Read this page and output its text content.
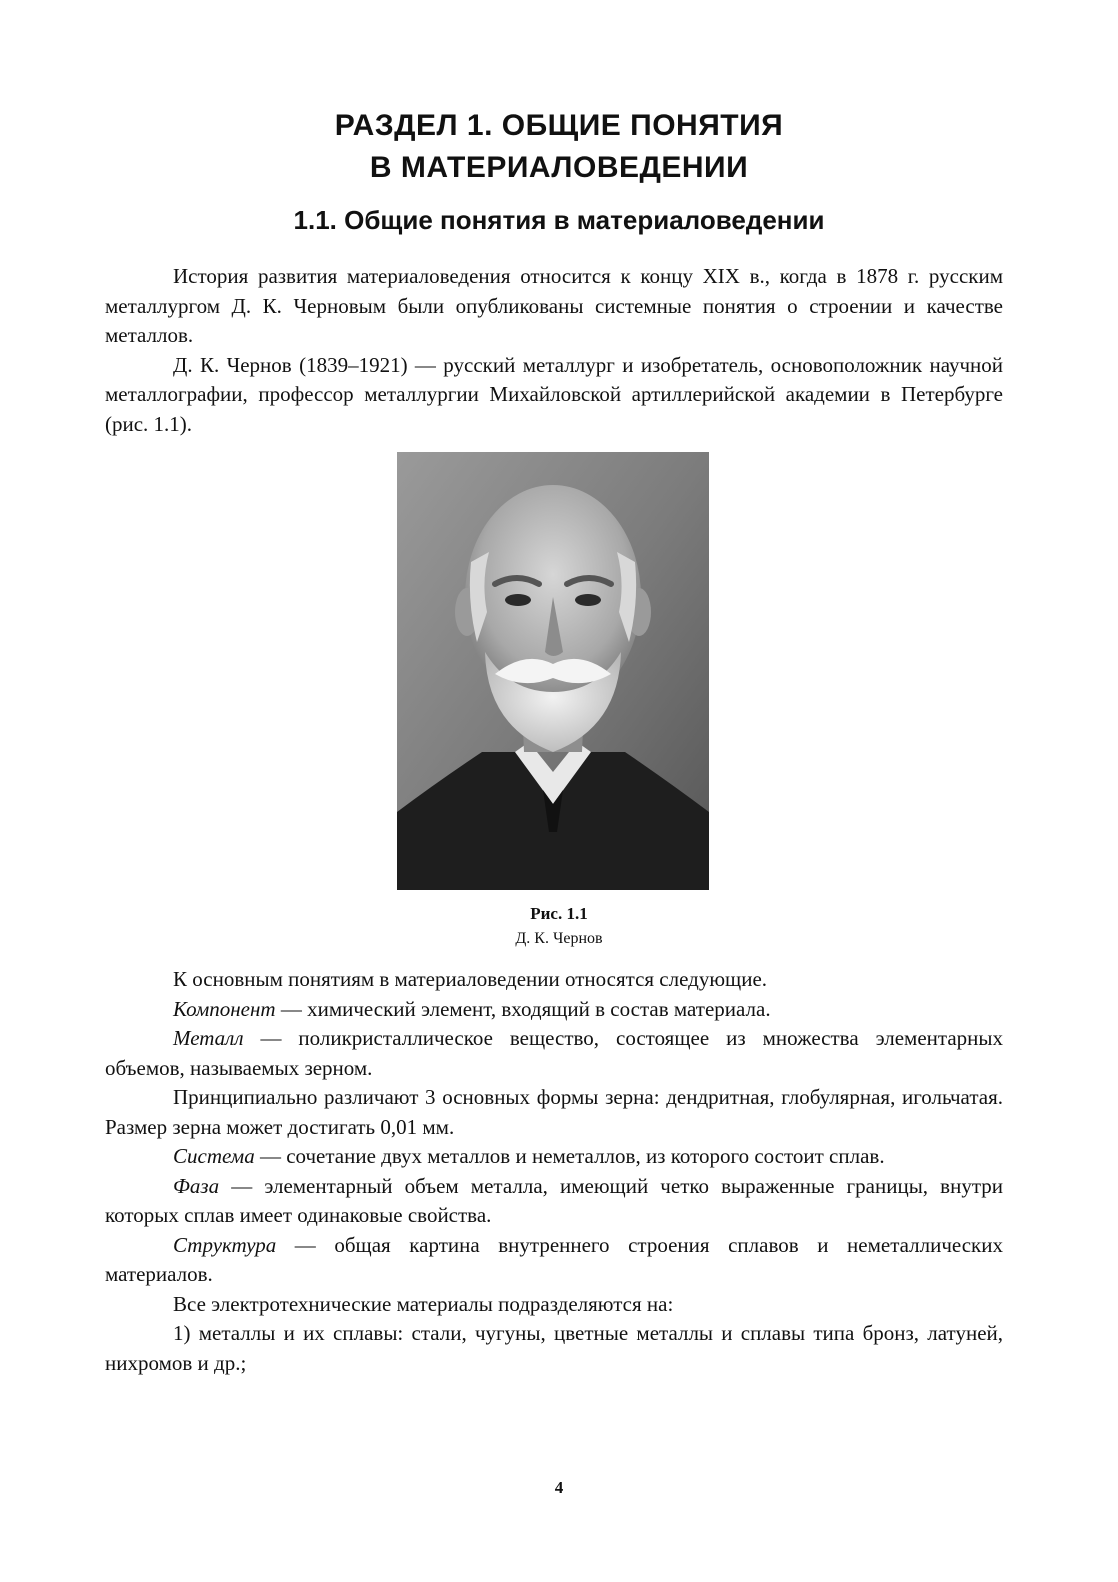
РАЗДЕЛ 1. ОБЩИЕ ПОНЯТИЯ
В МАТЕРИАЛОВЕДЕНИИ
1.1. Общие понятия в материаловедении

История развития материаловедения относится к концу XIX в., когда в 1878 г. русским металлургом Д. К. Черновым были опубликованы системные понятия о строении и качестве металлов.

Д. К. Чернов (1839–1921) — русский металлург и изобретатель, основоположник научной металлографии, профессор металлургии Михайловской артиллерийской академии в Петербурге (рис. 1.1).

Рис. 1.1
Д. К. Чернов

К основным понятиям в материаловедении относятся следующие.

Компонент — химический элемент, входящий в состав материала.

Металл — поликристаллическое вещество, состоящее из множества элементарных объемов, называемых зерном.

Принципиально различают 3 основных формы зерна: дендритная, глобулярная, игольчатая. Размер зерна может достигать 0,01 мм.

Система — сочетание двух металлов и неметаллов, из которого состоит сплав.

Фаза — элементарный объем металла, имеющий четко выраженные границы, внутри которых сплав имеет одинаковые свойства.

Структура — общая картина внутреннего строения сплавов и неметаллических материалов.

Все электротехнические материалы подразделяются на:

1) металлы и их сплавы: стали, чугуны, цветные металлы и сплавы типа бронз, латуней, нихромов и др.;

4
